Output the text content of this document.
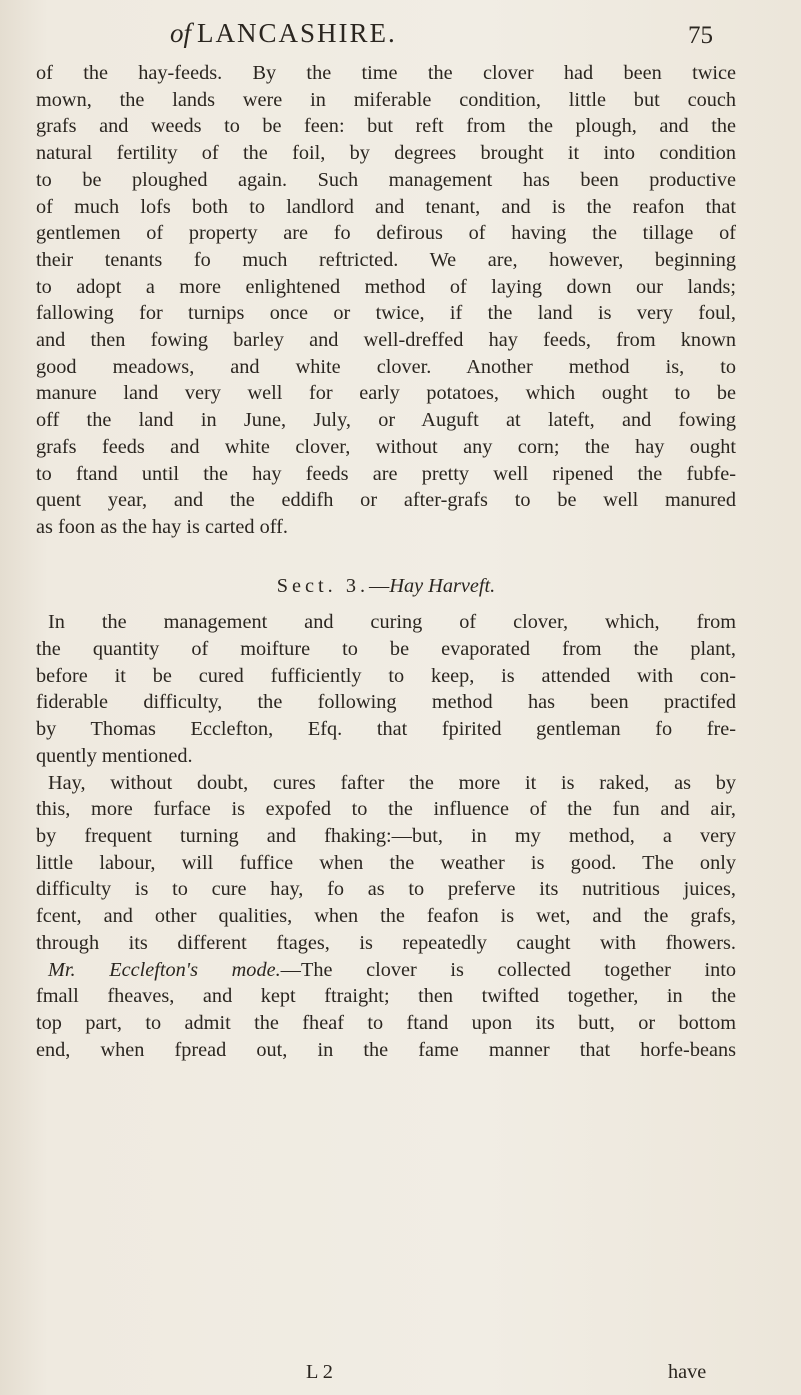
of LANCASHIRE.	75
of the hay-feeds. By the time the clover had been twice
mown, the lands were in miferable condition, little but couch
grafs and weeds to be feen: but reft from the plough, and the
natural fertility of the foil, by degrees brought it into condition
to be ploughed again. Such management has been productive
of much lofs both to landlord and tenant, and is the reafon that
gentlemen of property are fo defirous of having the tillage of
their tenants fo much reftricted. We are, however, beginning
to adopt a more enlightened method of laying down our lands;
fallowing for turnips once or twice, if the land is very foul,
and then fowing barley and well-dreffed hay feeds, from known
good meadows, and white clover. Another method is, to
manure land very well for early potatoes, which ought to be
off the land in June, July, or Auguft at lateft, and fowing
grafs feeds and white clover, without any corn; the hay ought
to ftand until the hay feeds are pretty well ripened the fubfe-
quent year, and the eddifh or after-grafs to be well manured
as foon as the hay is carted off.
Sect. 3.—Hay Harveft.
In the management and curing of clover, which, from
the quantity of moifture to be evaporated from the plant,
before it be cured fufficiently to keep, is attended with con-
fiderable difficulty, the following method has been practifed
by Thomas Ecclefton, Efq. that fpirited gentleman fo fre-
quently mentioned.
Hay, without doubt, cures fafter the more it is raked, as by
this, more furface is expofed to the influence of the fun and air,
by frequent turning and fhaking:—but, in my method, a very
little labour, will fuffice when the weather is good. The only
difficulty is to cure hay, fo as to preferve its nutritious juices,
fcent, and other qualities, when the feafon is wet, and the grafs,
through its different ftages, is repeatedly caught with fhowers.
Mr. Ecclefton's mode.—The clover is collected together into
fmall fheaves, and kept ftraight; then twifted together, in the
top part, to admit the fheaf to ftand upon its butt, or bottom
end, when fpread out, in the fame manner that horfe-beans
L 2	have
